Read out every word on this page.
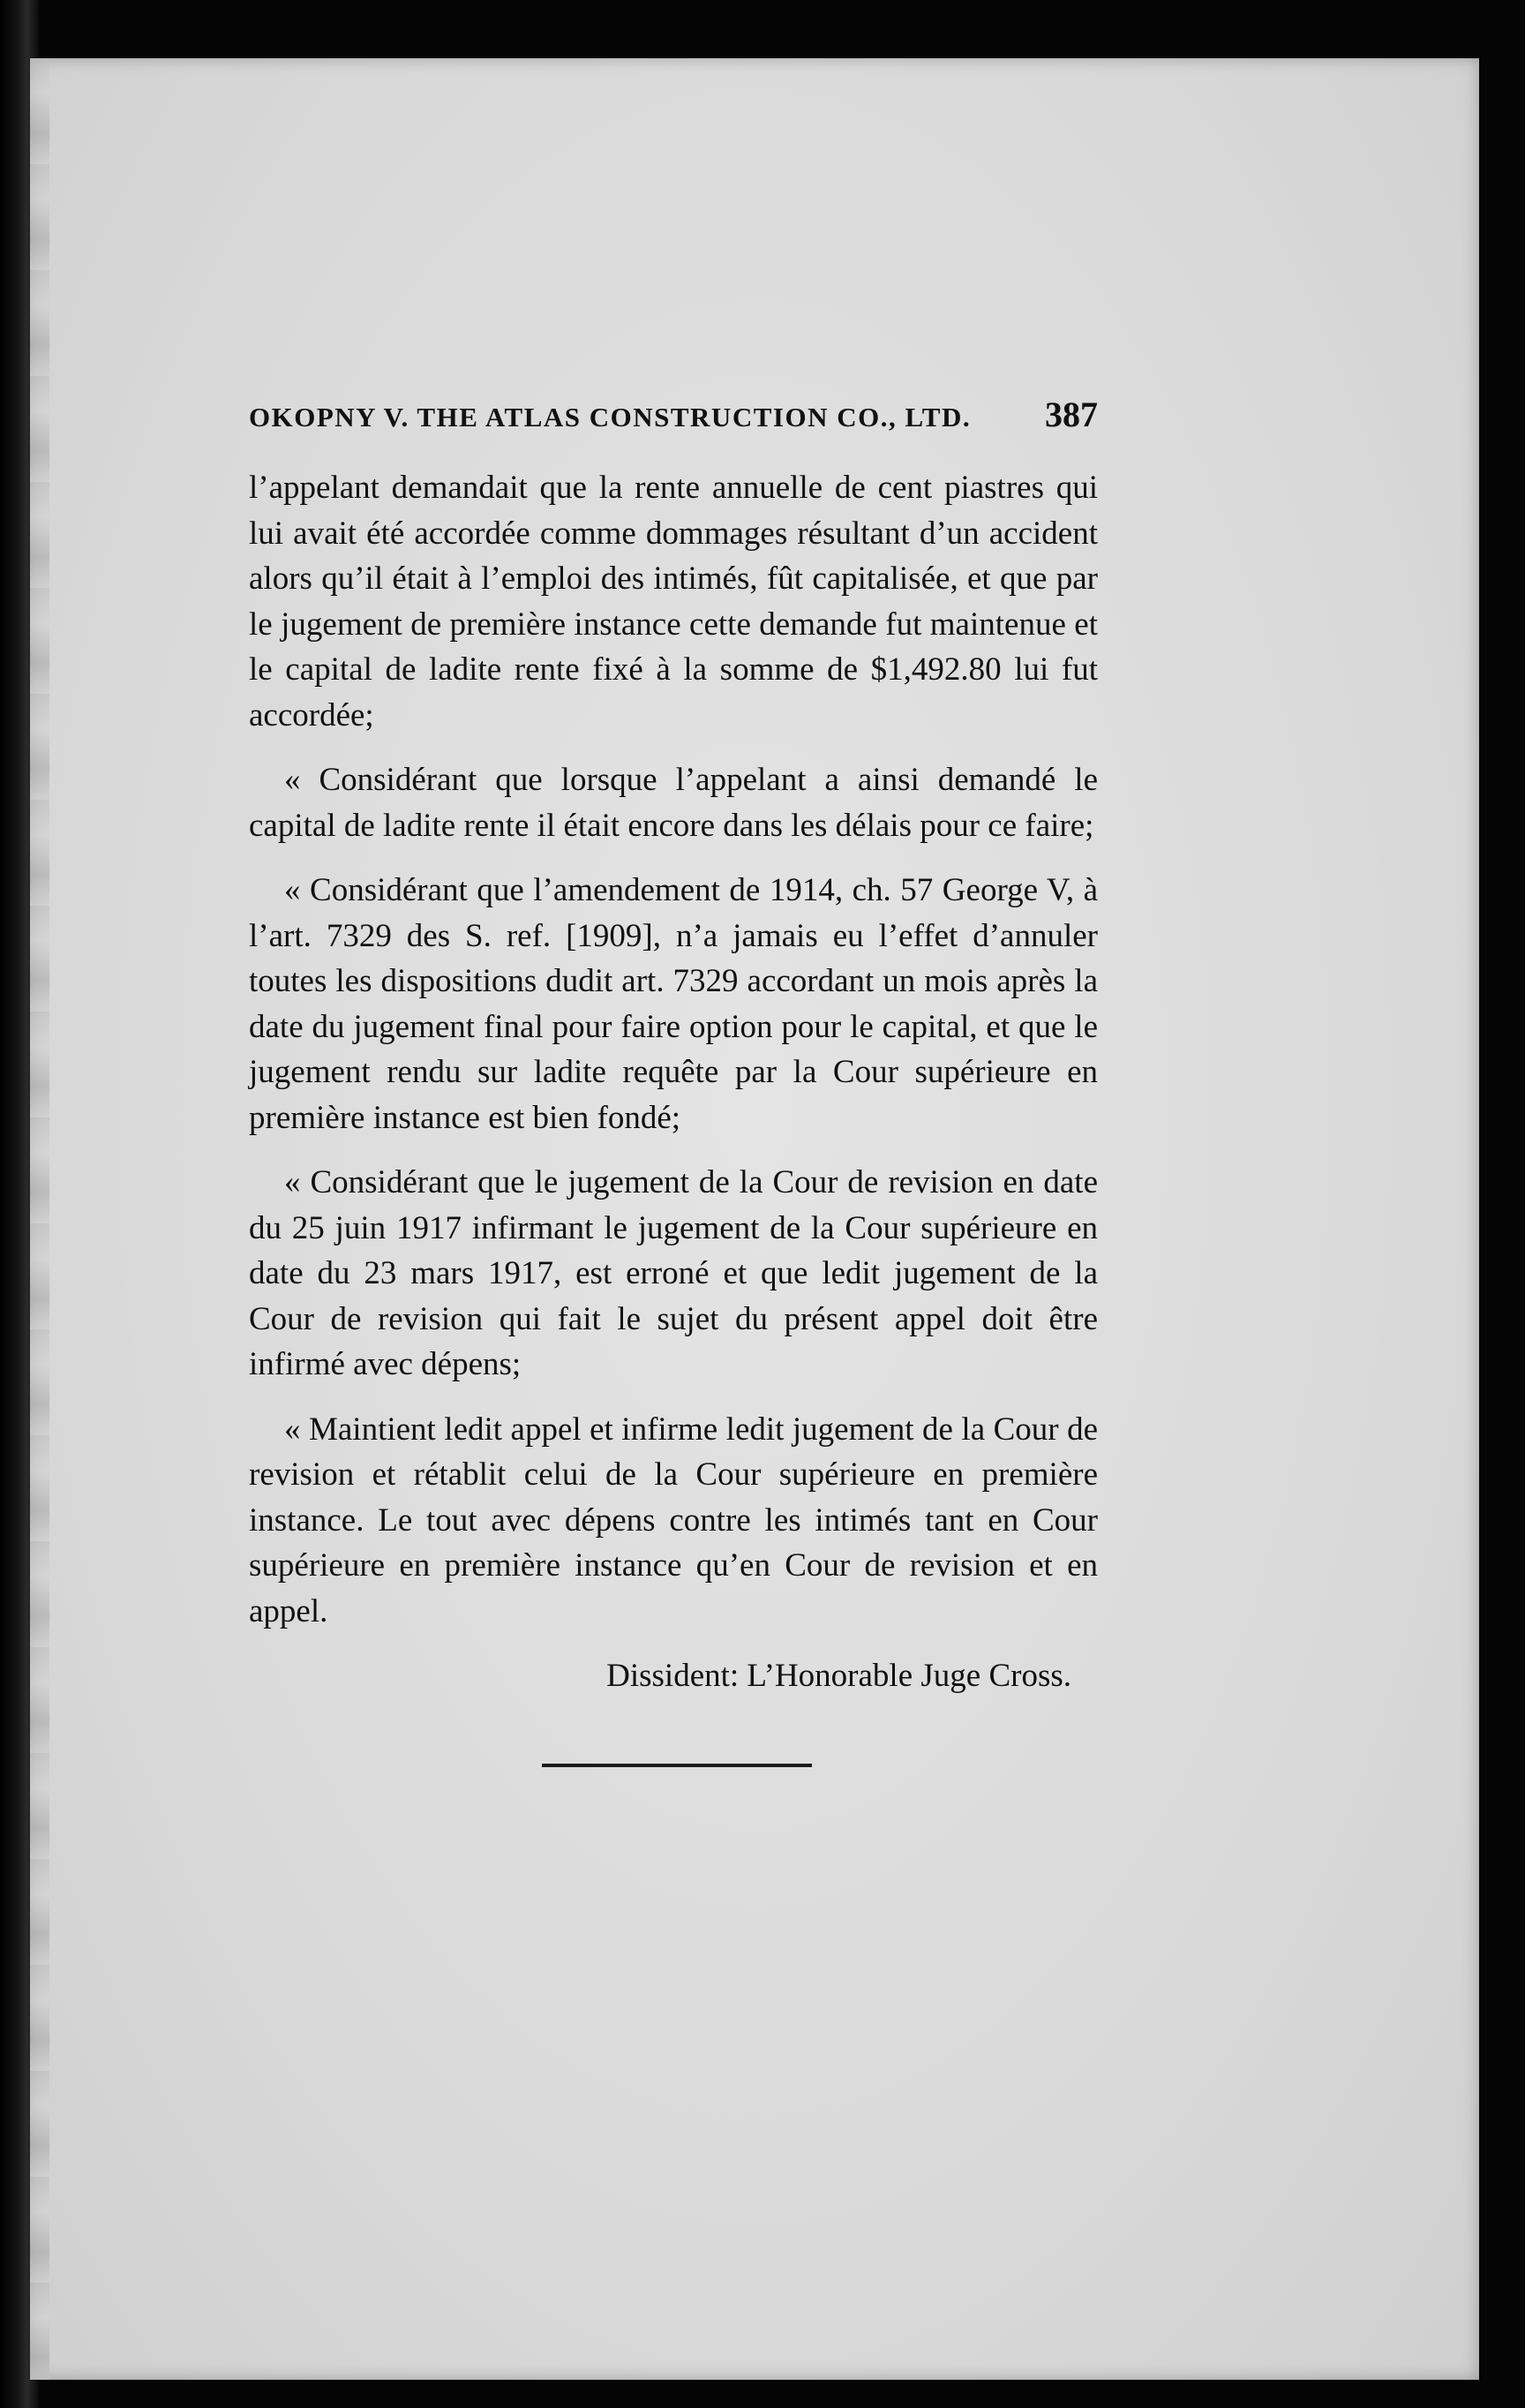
OKOPNY V. THE ATLAS CONSTRUCTION CO., LTD. 387

l’appelant demandait que la rente annuelle de cent piastres qui lui avait été accordée comme dommages résultant d’un accident alors qu’il était à l’emploi des intimés, fût capitalisée, et que par le jugement de première instance cette demande fut maintenue et le capital de ladite rente fixé à la somme de $1,492.80 lui fut accordée;

« Considérant que lorsque l’appelant a ainsi demandé le capital de ladite rente il était encore dans les délais pour ce faire;

« Considérant que l’amendement de 1914, ch. 57 George V, à l’art. 7329 des S. ref. [1909], n’a jamais eu l’effet d’annuler toutes les dispositions dudit art. 7329 accordant un mois après la date du jugement final pour faire option pour le capital, et que le jugement rendu sur ladite requête par la Cour supérieure en première instance est bien fondé;

« Considérant que le jugement de la Cour de revision en date du 25 juin 1917 infirmant le jugement de la Cour supérieure en date du 23 mars 1917, est erroné et que ledit jugement de la Cour de revision qui fait le sujet du présent appel doit être infirmé avec dépens;

« Maintient ledit appel et infirme ledit jugement de la Cour de revision et rétablit celui de la Cour supérieure en première instance. Le tout avec dépens contre les intimés tant en Cour supérieure en première instance qu’en Cour de revision et en appel.

Dissident: L’Honorable Juge Cross.
